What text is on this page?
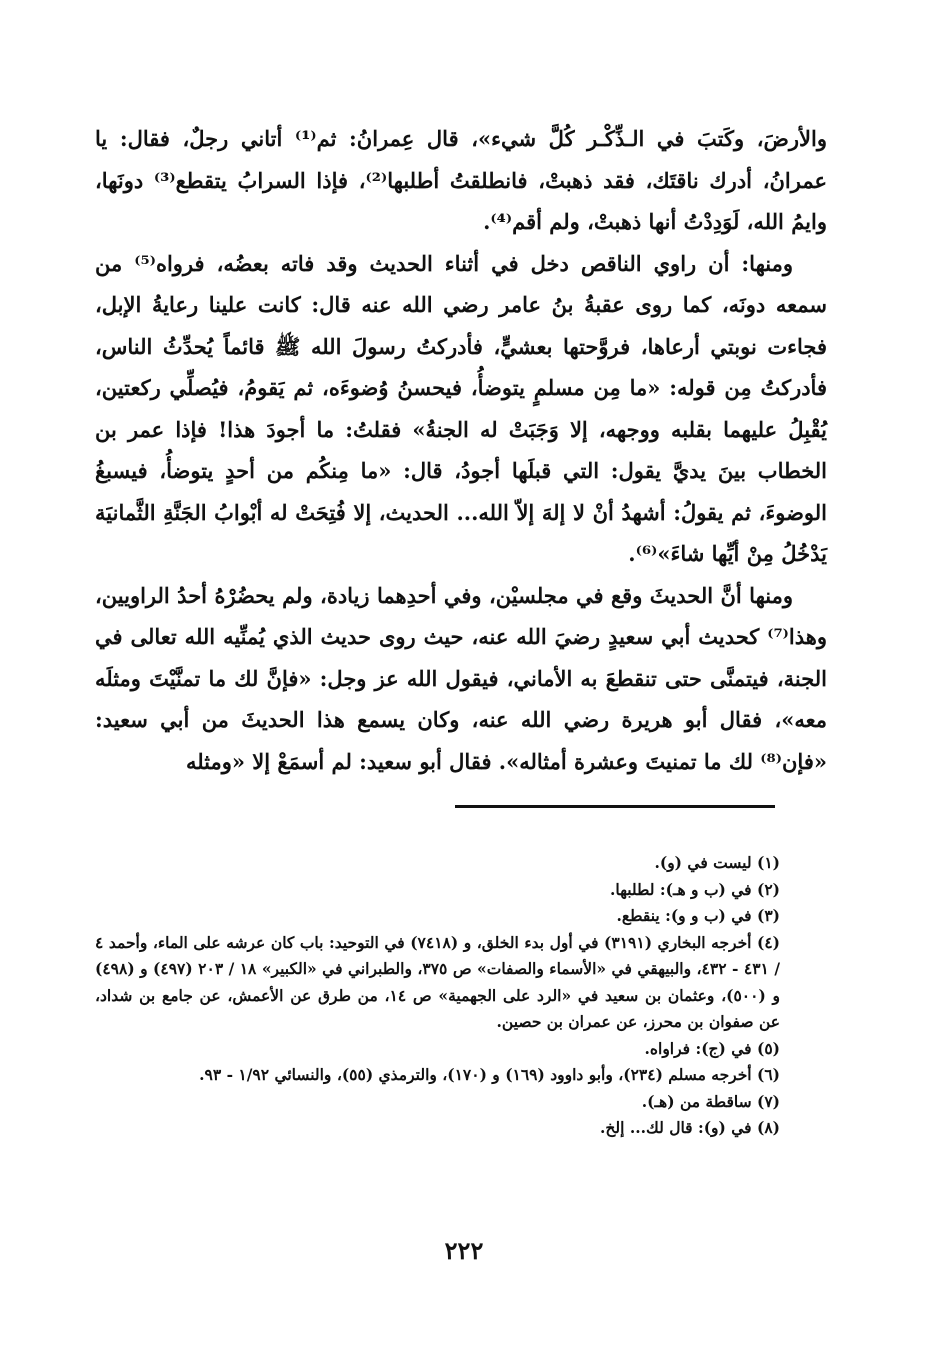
والأرضَ، وكَتبَ في الـذِّكْـر كُلَّ شيء»، قال عِمرانُ: ثم⁽¹⁾ أتاني رجلٌ، فقال: يا عمرانُ، أدرك ناقتَك، فقد ذهبتْ، فانطلقتُ أطلبها⁽²⁾، فإذا السرابُ يتقطع⁽³⁾ دونَها، وايمُ الله، لَوَدِدْتُ أنها ذهبتْ، ولم أقم⁽⁴⁾.

ومنها: أن راوي الناقص دخل في أثناء الحديث وقد فاته بعضُه، فرواه⁽⁵⁾ من سمعه دونَه، كما روى عقبةُ بنُ عامر رضي الله عنه قال: كانت علينا رعايةُ الإبل، فجاءت نوبتي أرعاها، فروَّحتها بعشيٍّ، فأدركتُ رسولَ الله ﷺ قائماً يُحدِّثُ الناس، فأدركتُ مِن قوله: «ما مِن مسلمٍ يتوضأُ، فيحسنُ وُضوءَه، ثم يَقومُ، فيُصلِّي ركعتين، يُقْبِلُ عليهما بقلبه ووجهه، إلا وَجَبَتْ له الجنةُ» فقلتُ: ما أجودَ هذا! فإذا عمر بن الخطاب بينَ يديَّ يقول: التي قبلَها أجودُ، قال: «ما مِنكُم من أحدٍ يتوضأُ، فيسبغُ الوضوءَ، ثم يقولُ: أشهدُ أنْ لا إلهَ إلاّ الله... الحديث، إلا فُتِحَتْ له أبْوابُ الجَنَّةِ الثَّمانيَة يَدْخُلُ مِنْ أيِّها شاءَ»⁽⁶⁾.

ومنها أنَّ الحديثَ وقع في مجلسيْن، وفي أحدِهما زيادة، ولم يحضُرْهُ أحدُ الراويين، وهذا⁽⁷⁾ كحديث أبي سعيدٍ رضيَ الله عنه، حيث روى حديث الذي يُمنِّيه الله تعالى في الجنة، فيتمنَّى حتى تنقطعَ به الأماني، فيقول الله عز وجل: «فإنَّ لك ما تمنَّيْتَ ومثلَه معه»، فقال أبو هريرة رضي الله عنه، وكان يسمع هذا الحديثَ من أبي سعيد: «فإن⁽⁸⁾ لك ما تمنيتَ وعشرة أمثاله». فقال أبو سعيد: لم أسمَعْ إلا «ومثله

(١) ليست في (و).

(٢) في (ب و هـ): لطلبها.

(٣) في (ب و و): ينقطع.

(٤) أخرجه البخاري (٣١٩١) في أول بدء الخلق، و (٧٤١٨) في التوحيد: باب كان عرشه على الماء، وأحمد ٤ / ٤٣١ - ٤٣٢، والبيهقي في «الأسماء والصفات» ص ٣٧٥، والطبراني في «الكبير» ١٨ / ٢٠٣ (٤٩٧) و (٤٩٨) و (٥٠٠)، وعثمان بن سعيد في «الرد على الجهمية» ص ١٤، من طرق عن الأعمش، عن جامع بن شداد، عن صفوان بن محرز، عن عمران بن حصين.

(٥) في (ج): فراواه.

(٦) أخرجه مسلم (٢٣٤)، وأبو داوود (١٦٩) و (١٧٠)، والترمذي (٥٥)، والنسائي ١/٩٢ - ٩٣.

(٧) ساقطة من (هـ).

(٨) في (و): قال لك... إلخ.

٢٢٢
